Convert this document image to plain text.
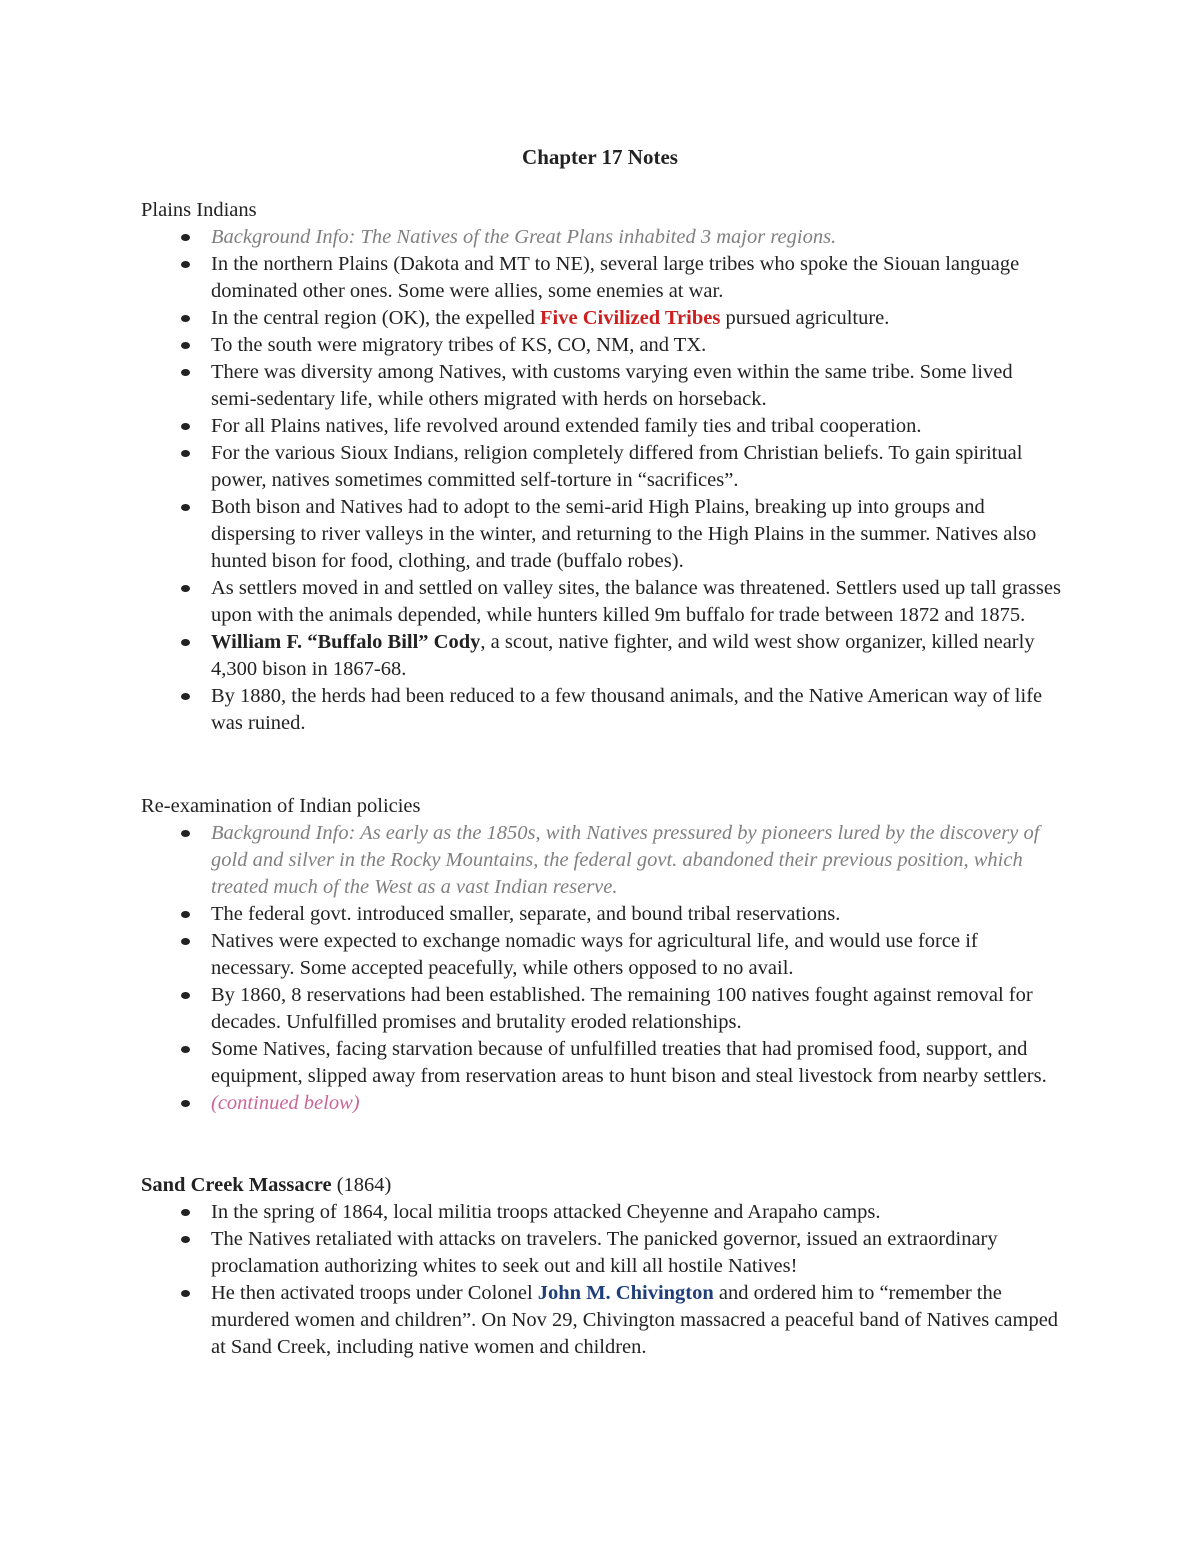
Chapter 17 Notes

Plains Indians

Background Info: The Natives of the Great Plans inhabited 3 major regions.
In the northern Plains (Dakota and MT to NE), several large tribes who spoke the Siouan language dominated other ones. Some were allies, some enemies at war.
In the central region (OK), the expelled Five Civilized Tribes pursued agriculture.
To the south were migratory tribes of KS, CO, NM, and TX.
There was diversity among Natives, with customs varying even within the same tribe. Some lived semi-sedentary life, while others migrated with herds on horseback.
For all Plains natives, life revolved around extended family ties and tribal cooperation.
For the various Sioux Indians, religion completely differed from Christian beliefs. To gain spiritual power, natives sometimes committed self-torture in “sacrifices”.
Both bison and Natives had to adopt to the semi-arid High Plains, breaking up into groups and dispersing to river valleys in the winter, and returning to the High Plains in the summer. Natives also hunted bison for food, clothing, and trade (buffalo robes).
As settlers moved in and settled on valley sites, the balance was threatened. Settlers used up tall grasses upon with the animals depended, while hunters killed 9m buffalo for trade between 1872 and 1875.
William F. “Buffalo Bill” Cody, a scout, native fighter, and wild west show organizer, killed nearly 4,300 bison in 1867-68.
By 1880, the herds had been reduced to a few thousand animals, and the Native American way of life was ruined.

Re-examination of Indian policies

Background Info: As early as the 1850s, with Natives pressured by pioneers lured by the discovery of gold and silver in the Rocky Mountains, the federal govt. abandoned their previous position, which treated much of the West as a vast Indian reserve.
The federal govt. introduced smaller, separate, and bound tribal reservations.
Natives were expected to exchange nomadic ways for agricultural life, and would use force if necessary. Some accepted peacefully, while others opposed to no avail.
By 1860, 8 reservations had been established. The remaining 100 natives fought against removal for decades. Unfulfilled promises and brutality eroded relationships.
Some Natives, facing starvation because of unfulfilled treaties that had promised food, support, and equipment, slipped away from reservation areas to hunt bison and steal livestock from nearby settlers.
(continued below)

Sand Creek Massacre (1864)

In the spring of 1864, local militia troops attacked Cheyenne and Arapaho camps.
The Natives retaliated with attacks on travelers. The panicked governor, issued an extraordinary proclamation authorizing whites to seek out and kill all hostile Natives!
He then activated troops under Colonel John M. Chivington and ordered him to “remember the murdered women and children”. On Nov 29, Chivington massacred a peaceful band of Natives camped at Sand Creek, including native women and children.
